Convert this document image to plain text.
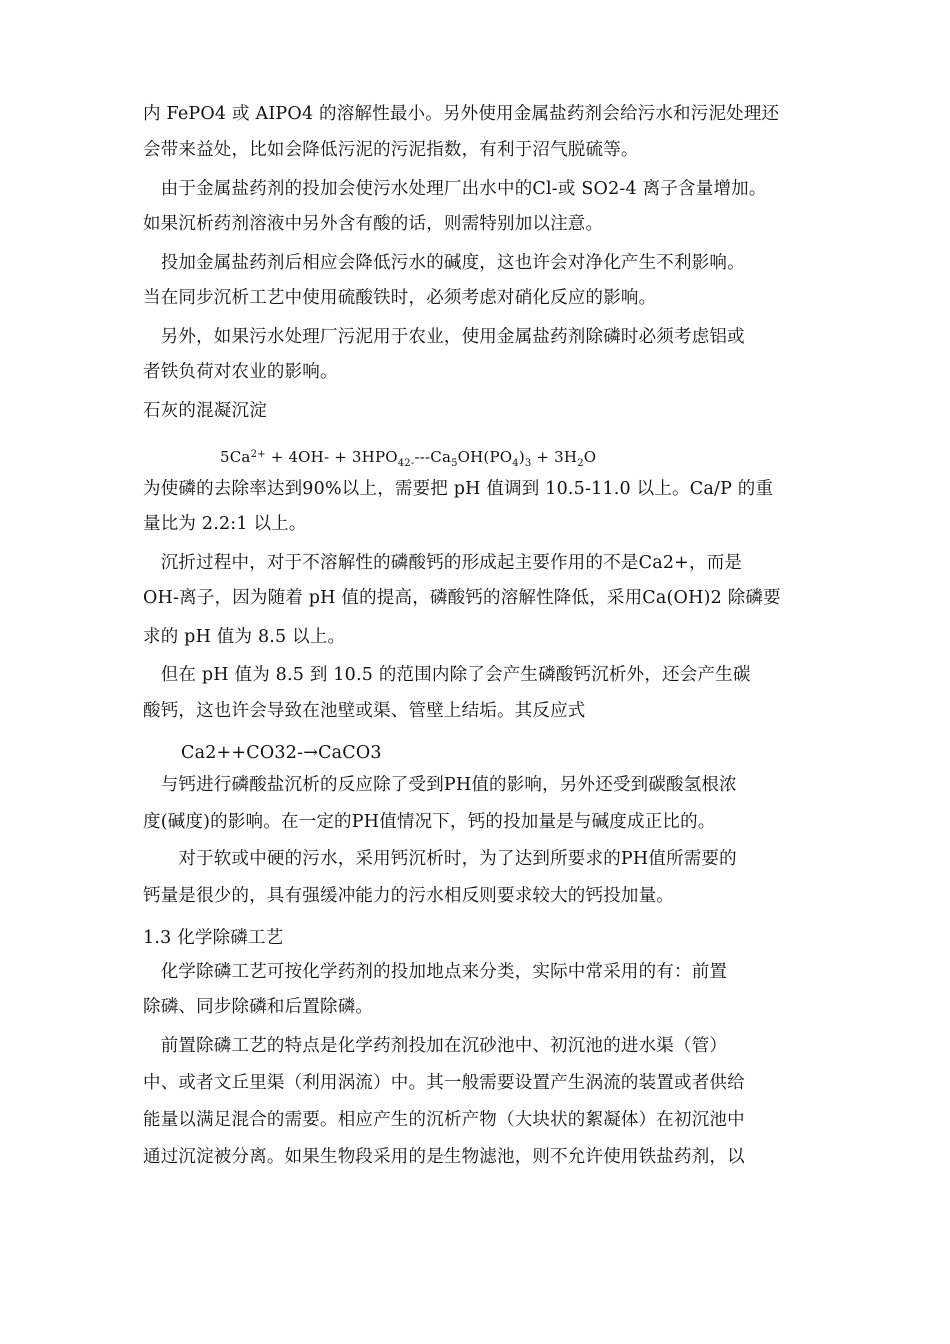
内 FePO4 或 AIPO4 的溶解性最小。另外使用金属盐药剂会给污水和污泥处理还
会带来益处，比如会降低污泥的污泥指数，有利于沼气脱硫等。
　由于金属盐药剂的投加会使污水处理厂出水中的Cl-或 SO2-4 离子含量增加。
如果沉析药剂溶液中另外含有酸的话，则需特别加以注意。
　投加金属盐药剂后相应会降低污水的碱度，这也许会对净化产生不利影响。
当在同步沉析工艺中使用硫酸铁时，必须考虑对硝化反应的影响。
　另外，如果污水处理厂污泥用于农业，使用金属盐药剂除磷时必须考虑铝或
者铁负荷对农业的影响。
石灰的混凝沉淀
$5Ca^{2+} + 4OH- + 3HPO_{42-}---Ca_5OH(PO_4)_3 + 3H_2O$
为使磷的去除率达到90%以上，需要把 pH 值调到 10.5-11.0 以上。Ca/P 的重
量比为 2.2:1 以上。
　沉折过程中，对于不溶解性的磷酸钙的形成起主要作用的不是Ca2+，而是
OH-离子，因为随着 pH 值的提高，磷酸钙的溶解性降低，采用Ca(OH)2 除磷要
求的 pH 值为 8.5 以上。
　但在 pH 值为 8.5 到 10.5 的范围内除了会产生磷酸钙沉析外，还会产生碳
酸钙，这也许会导致在池壁或渠、管壁上结垢。其反应式
Ca2++CO32-→CaCO3
　与钙进行磷酸盐沉析的反应除了受到PH值的影响，另外还受到碳酸氢根浓
度(碱度)的影响。在一定的PH值情况下，钙的投加量是与碱度成正比的。
　　对于软或中硬的污水，采用钙沉析时，为了达到所要求的PH值所需要的
钙量是很少的，具有强缓冲能力的污水相反则要求较大的钙投加量。
1.3 化学除磷工艺
　化学除磷工艺可按化学药剂的投加地点来分类，实际中常采用的有：前置
除磷、同步除磷和后置除磷。
　前置除磷工艺的特点是化学药剂投加在沉砂池中、初沉池的进水渠（管）
中、或者文丘里渠（利用涡流）中。其一般需要设置产生涡流的装置或者供给
能量以满足混合的需要。相应产生的沉析产物（大块状的絮凝体）在初沉池中
通过沉淀被分离。如果生物段采用的是生物滤池，则不允许使用铁盐药剂，以
